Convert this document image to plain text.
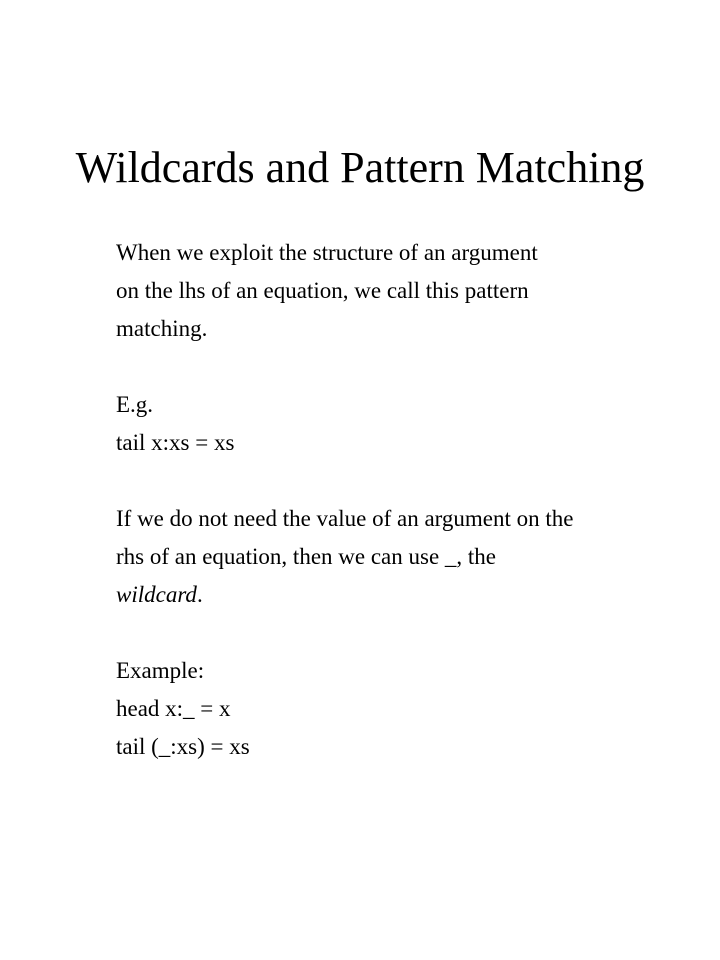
Wildcards and Pattern Matching
When we exploit the structure of an argument
on the lhs of an equation, we call this pattern
matching.
E.g.
tail x:xs = xs
If we do not need the value of an argument on the
rhs of an equation, then we can use _, the
wildcard.
Example:
head x:_ = x
tail (_:xs) = xs
